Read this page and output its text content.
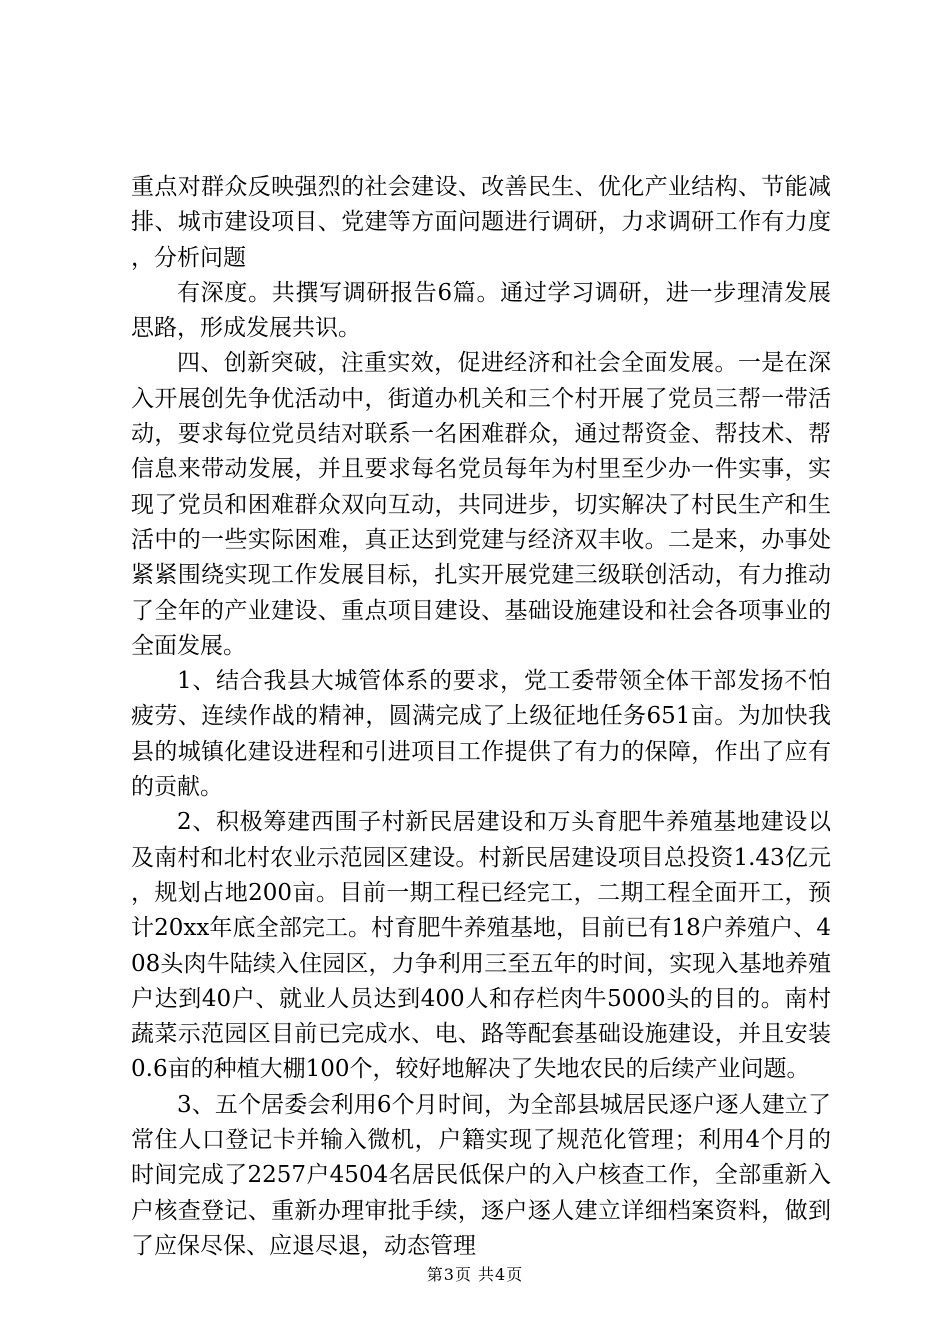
重点对群众反映强烈的社会建设、改善民生、优化产业结构、节能减排、城市建设项目、党建等方面问题进行调研，力求调研工作有力度，分析问题

有深度。共撰写调研报告6篇。通过学习调研，进一步理清发展思路，形成发展共识。

四、创新突破，注重实效，促进经济和社会全面发展。一是在深入开展创先争优活动中，街道办机关和三个村开展了党员三帮一带活动，要求每位党员结对联系一名困难群众，通过帮资金、帮技术、帮信息来带动发展，并且要求每名党员每年为村里至少办一件实事，实现了党员和困难群众双向互动，共同进步，切实解决了村民生产和生活中的一些实际困难，真正达到党建与经济双丰收。二是来，办事处紧紧围绕实现工作发展目标，扎实开展党建三级联创活动，有力推动了全年的产业建设、重点项目建设、基础设施建设和社会各项事业的全面发展。

1、结合我县大城管体系的要求，党工委带领全体干部发扬不怕疲劳、连续作战的精神，圆满完成了上级征地任务651亩。为加快我县的城镇化建设进程和引进项目工作提供了有力的保障，作出了应有的贡献。

2、积极筹建西围子村新民居建设和万头育肥牛养殖基地建设以及南村和北村农业示范园区建设。村新民居建设项目总投资1.43亿元，规划占地200亩。目前一期工程已经完工，二期工程全面开工，预计20xx年底全部完工。村育肥牛养殖基地，目前已有18户养殖户、408头肉牛陆续入住园区，力争利用三至五年的时间，实现入基地养殖户达到40户、就业人员达到400人和存栏肉牛5000头的目的。南村蔬菜示范园区目前已完成水、电、路等配套基础设施建设，并且安装0.6亩的种植大棚100个，较好地解决了失地农民的后续产业问题。

3、五个居委会利用6个月时间，为全部县城居民逐户逐人建立了常住人口登记卡并输入微机，户籍实现了规范化管理；利用4个月的时间完成了2257户4504名居民低保户的入户核查工作，全部重新入户核查登记、重新办理审批手续，逐户逐人建立详细档案资料，做到了应保尽保、应退尽退，动态管理

第3页 共4页
